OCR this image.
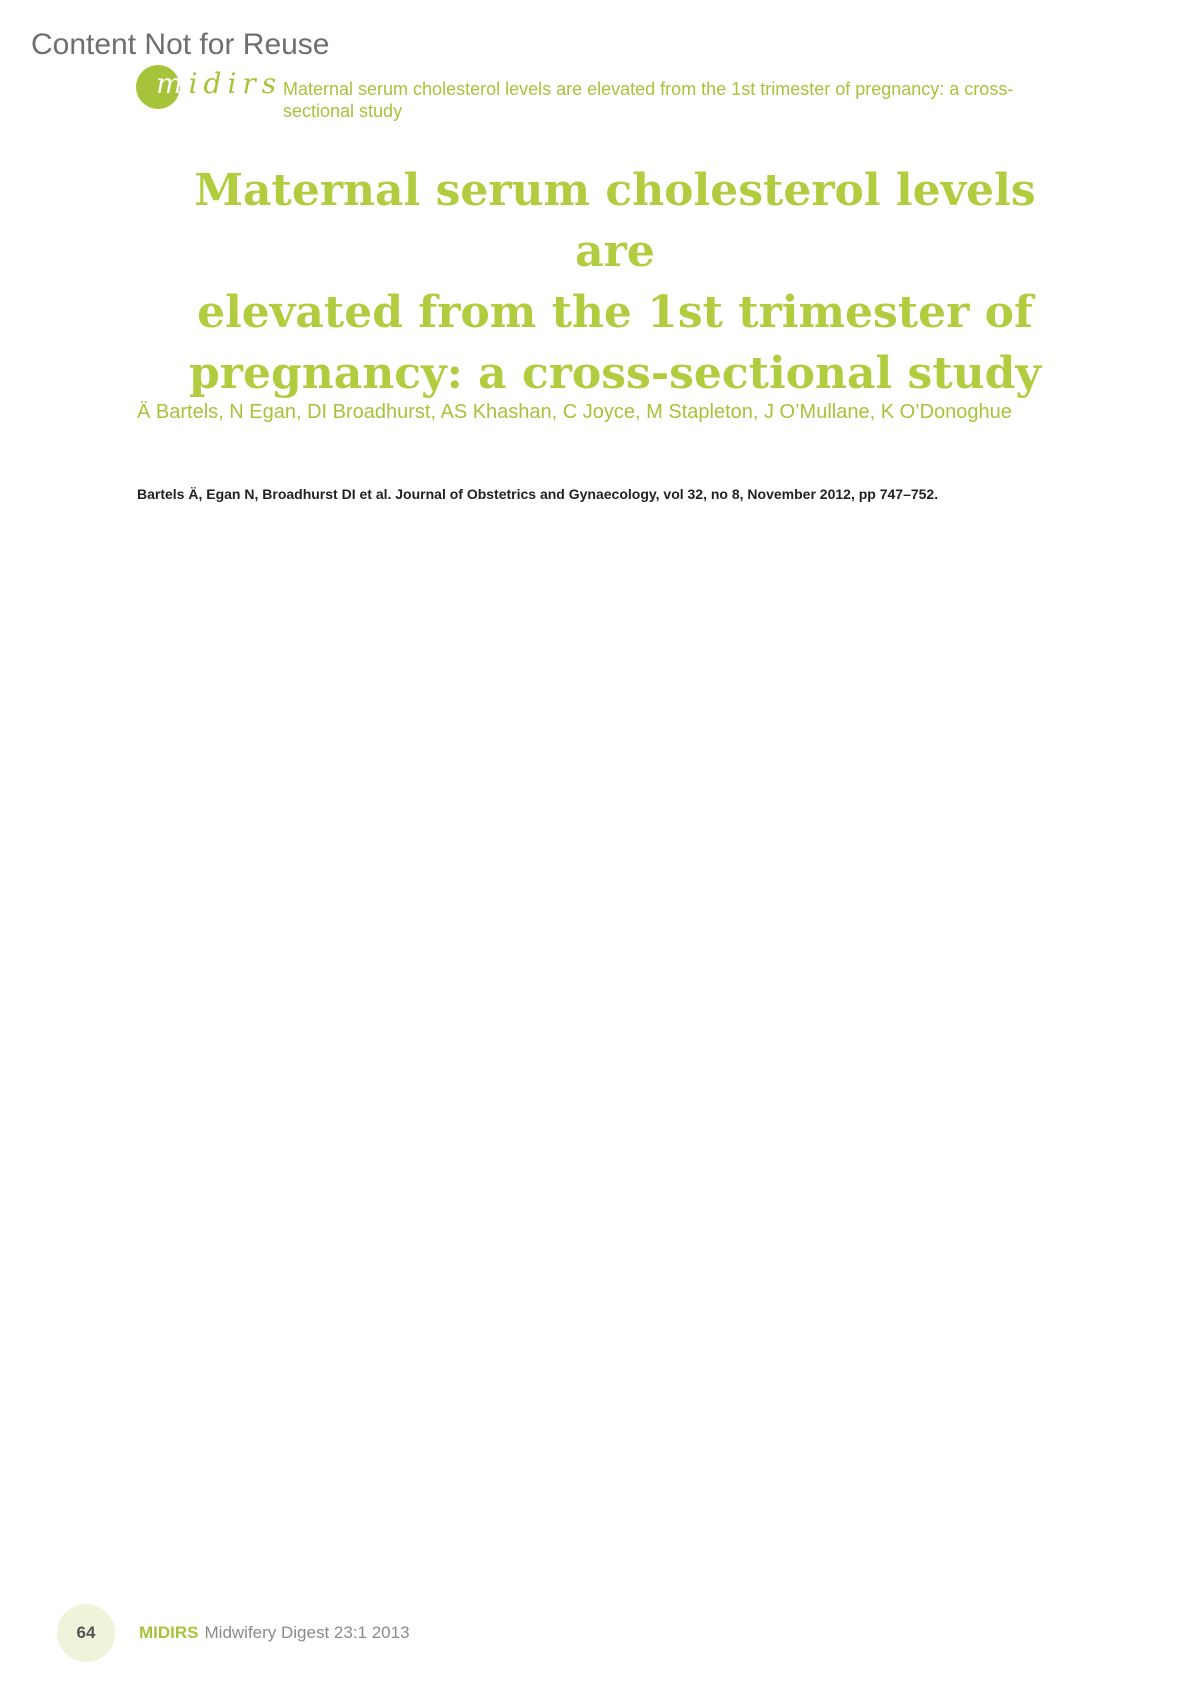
Content Not for Reuse
midirs Maternal serum cholesterol levels are elevated from the 1st trimester of pregnancy: a cross-sectional study
Maternal serum cholesterol levels are
elevated from the 1st trimester of
pregnancy: a cross-sectional study
Ä Bartels, N Egan, DI Broadhurst, AS Khashan, C Joyce, M Stapleton, J O’Mullane, K O’Donoghue
Bartels Ä, Egan N, Broadhurst DI et al. Journal of Obstetrics and Gynaecology, vol 32, no 8, November 2012, pp 747–752.
64	MIDIRS Midwifery Digest 23:1 2013
